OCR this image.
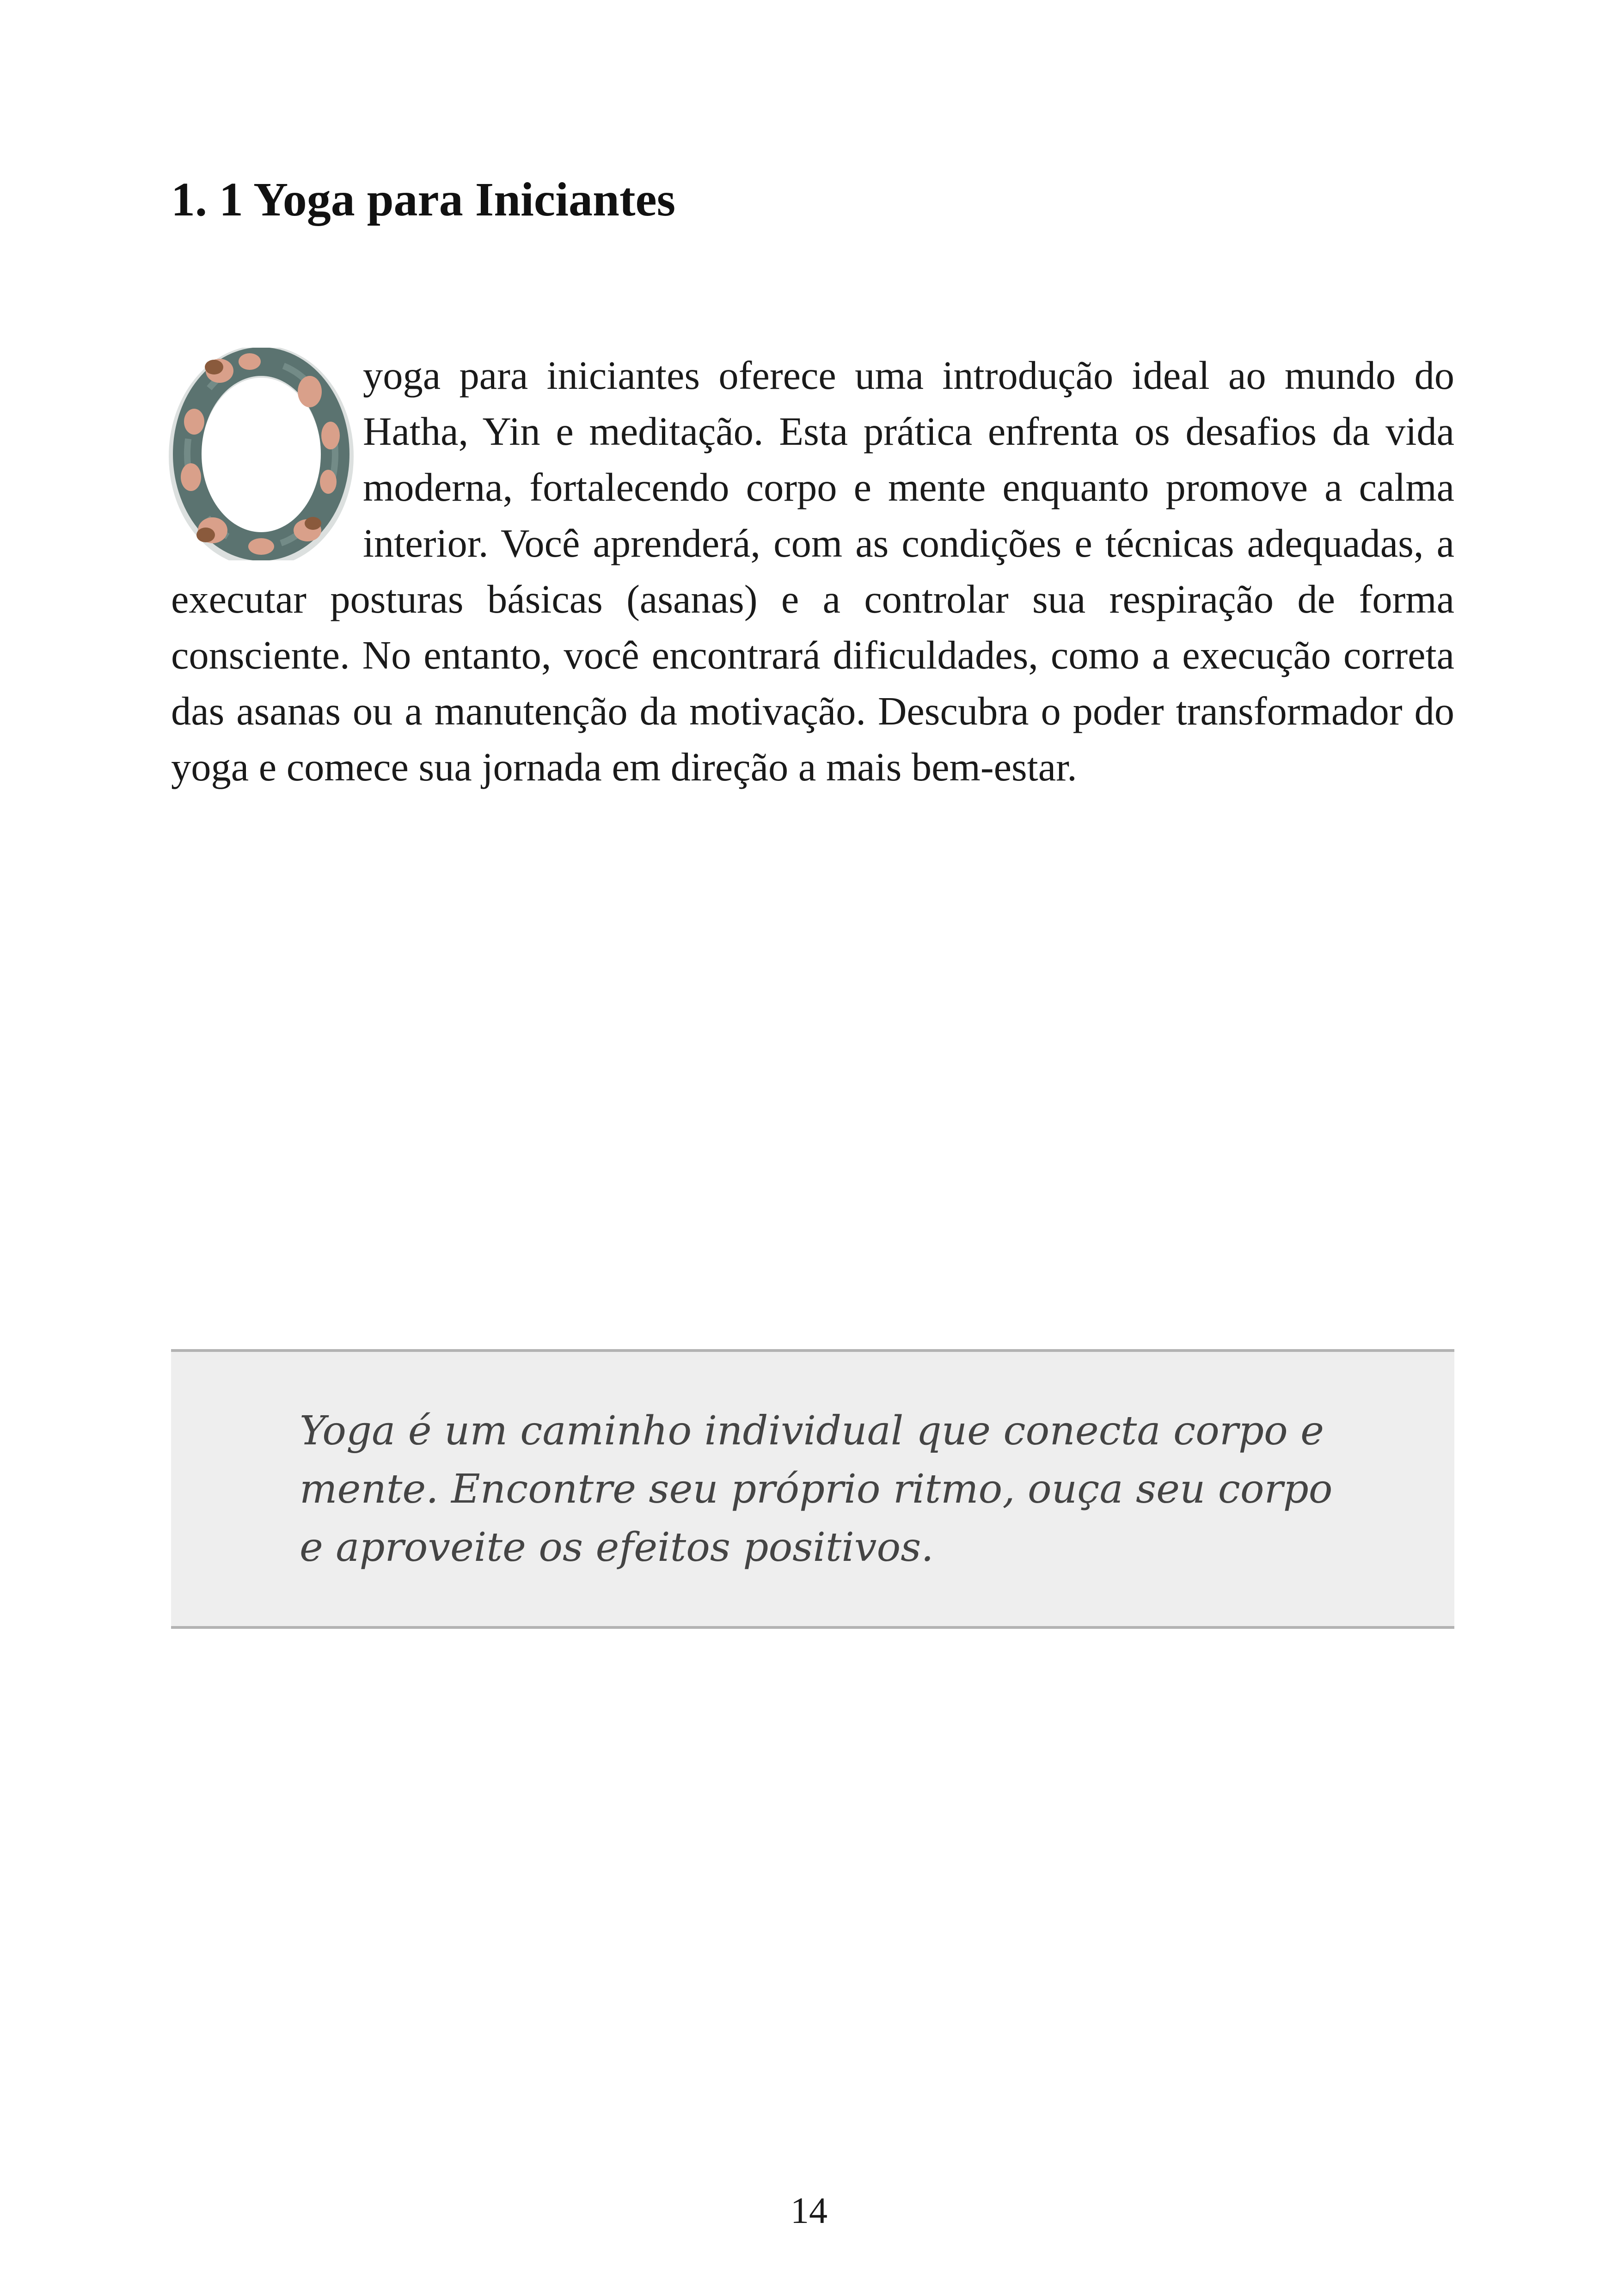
1. 1 Yoga para Iniciantes
yoga para iniciantes oferece uma introdução ideal ao mundo do Hatha, Yin e meditação. Esta prática enfrenta os desafios da vida moderna, fortalecendo corpo e mente enquanto promove a calma interior. Você aprenderá, com as condições e técnicas adequadas, a executar posturas básicas (asanas) e a controlar sua respiração de forma consciente. No entanto, você encontrará dificuldades, como a execução correta das asanas ou a manutenção da motivação. Descubra o poder transformador do yoga e comece sua jornada em direção a mais bem-estar.

Yoga é um caminho individual que conecta corpo e mente. Encontre seu próprio ritmo, ouça seu corpo e aproveite os efeitos positivos.

14
